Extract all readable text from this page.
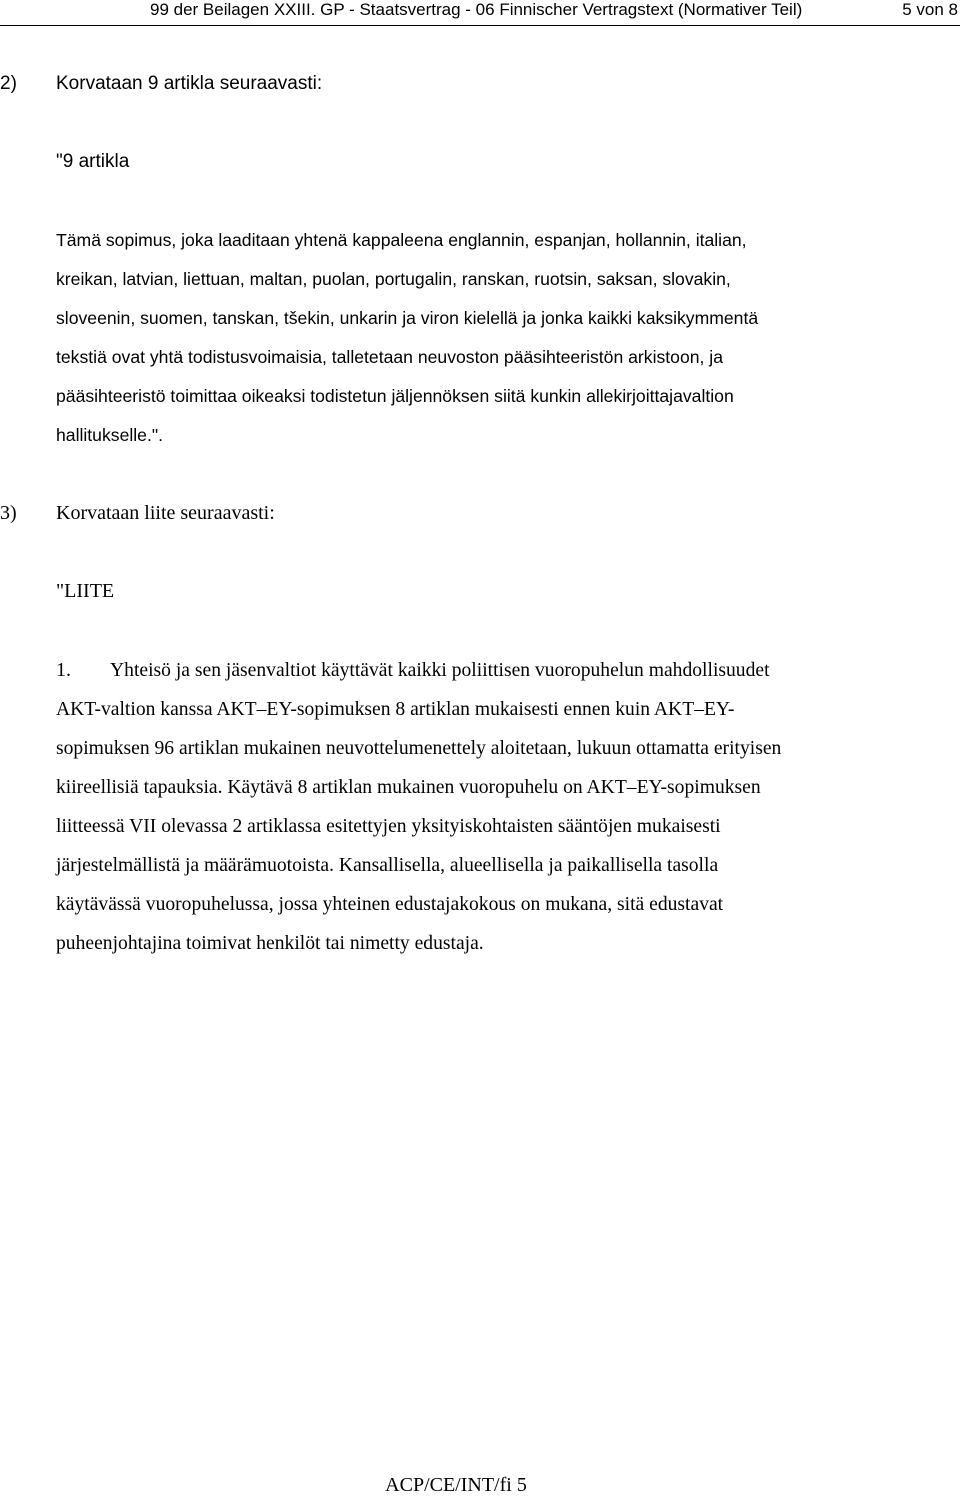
99 der Beilagen XXIII. GP - Staatsvertrag - 06 Finnischer Vertragstext (Normativer Teil)	5 von 8
2) Korvataan 9 artikla seuraavasti:
"9 artikla
Tämä sopimus, joka laaditaan yhtenä kappaleena englannin, espanjan, hollannin, italian,
kreikan, latvian, liettuan, maltan, puolan, portugalin, ranskan, ruotsin, saksan, slovakin,
sloveenin, suomen, tanskan, tšekin, unkarin ja viron kielellä ja jonka kaikki kaksikymmentä
tekstiä ovat yhtä todistusvoimaisia, talletetaan neuvoston pääsihteeristön arkistoon, ja
pääsihteeristö toimittaa oikeaksi todistetun jäljennöksen siitä kunkin allekirjoittajavaltion
hallitukselle.".
3) Korvataan liite seuraavasti:
"LIITE
1.	Yhteisö ja sen jäsenvaltiot käyttävät kaikki poliittisen vuoropuhelun mahdollisuudet
AKT-valtion kanssa AKT–EY-sopimuksen 8 artiklan mukaisesti ennen kuin AKT–EY-
sopimuksen 96 artiklan mukainen neuvottelumenettely aloitetaan, lukuun ottamatta erityisen
kiireellisiä tapauksia. Käytävä 8 artiklan mukainen vuoropuhelu on AKT–EY-sopimuksen
liitteessä VII olevassa 2 artiklassa esitettyjen yksityiskohtaisten sääntöjen mukaisesti
järjestelmällistä ja määrämuotoista. Kansallisella, alueellisella ja paikallisella tasolla
käytävässä vuoropuhelussa, jossa yhteinen edustajakokous on mukana, sitä edustavat
puheenjohtajina toimivat henkilöt tai nimetty edustaja.
ACP/CE/INT/fi 5
